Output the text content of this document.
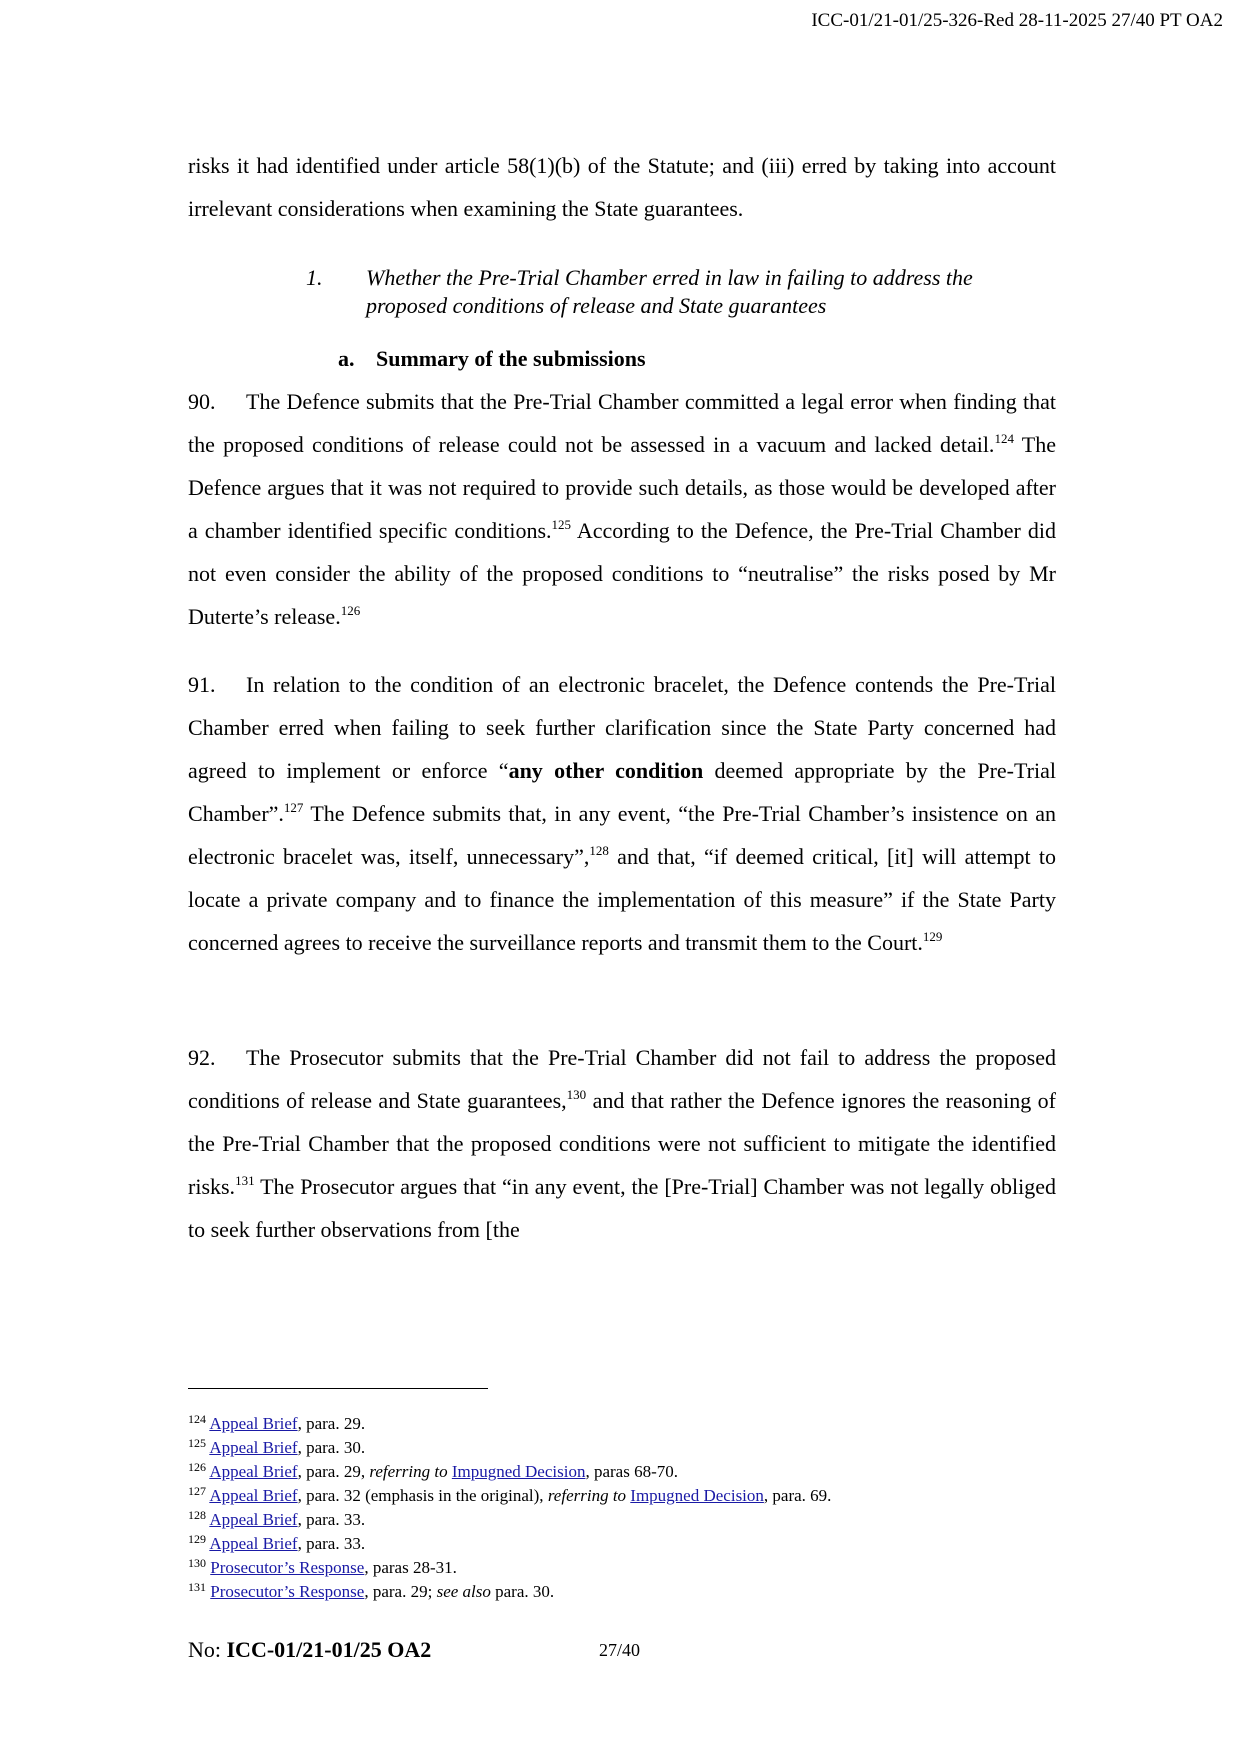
ICC-01/21-01/25-326-Red 28-11-2025 27/40 PT OA2

risks it had identified under article 58(1)(b) of the Statute; and (iii) erred by taking into account irrelevant considerations when examining the State guarantees.

1.	Whether the Pre-Trial Chamber erred in law in failing to address the proposed conditions of release and State guarantees
a. Summary of the submissions

90. The Defence submits that the Pre-Trial Chamber committed a legal error when finding that the proposed conditions of release could not be assessed in a vacuum and lacked detail.$^{124}$ The Defence argues that it was not required to provide such details, as those would be developed after a chamber identified specific conditions.$^{125}$ According to the Defence, the Pre-Trial Chamber did not even consider the ability of the proposed conditions to “neutralise” the risks posed by Mr Duterte’s release.$^{126}$

91. In relation to the condition of an electronic bracelet, the Defence contends the Pre-Trial Chamber erred when failing to seek further clarification since the State Party concerned had agreed to implement or enforce “any other condition deemed appropriate by the Pre-Trial Chamber”.$^{127}$ The Defence submits that, in any event, “the Pre-Trial Chamber’s insistence on an electronic bracelet was, itself, unnecessary”,$^{128}$ and that, “if deemed critical, [it] will attempt to locate a private company and to finance the implementation of this measure” if the State Party concerned agrees to receive the surveillance reports and transmit them to the Court.$^{129}$

92. The Prosecutor submits that the Pre-Trial Chamber did not fail to address the proposed conditions of release and State guarantees,$^{130}$ and that rather the Defence ignores the reasoning of the Pre-Trial Chamber that the proposed conditions were not sufficient to mitigate the identified risks.$^{131}$ The Prosecutor argues that “in any event, the [Pre-Trial] Chamber was not legally obliged to seek further observations from [the

$^{124}$ Appeal Brief, para. 29.
$^{125}$ Appeal Brief, para. 30.
$^{126}$ Appeal Brief, para. 29, referring to Impugned Decision, paras 68-70.
$^{127}$ Appeal Brief, para. 32 (emphasis in the original), referring to Impugned Decision, para. 69.
$^{128}$ Appeal Brief, para. 33.
$^{129}$ Appeal Brief, para. 33.
$^{130}$ Prosecutor’s Response, paras 28-31.
$^{131}$ Prosecutor’s Response, para. 29; see also para. 30.
No: ICC-01/21-01/25 OA2	27/40
